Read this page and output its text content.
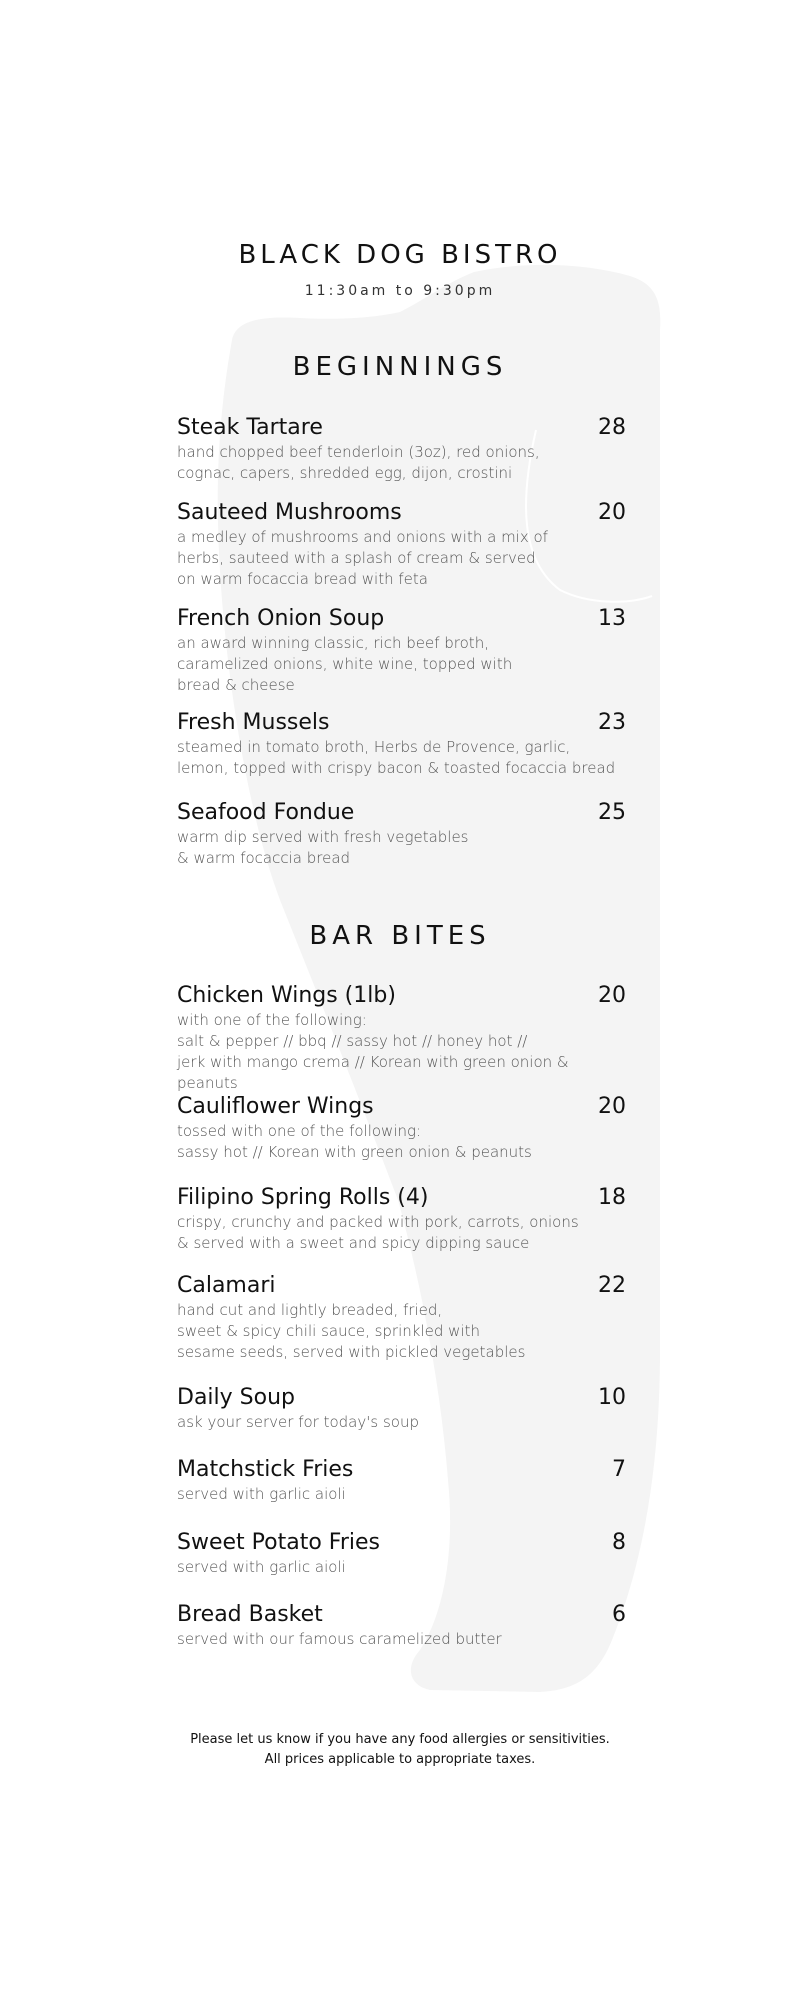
BLACK DOG BISTRO
11:30am to 9:30pm
BEGINNINGS
Steak Tartare	28
hand chopped beef tenderloin (3oz), red onions,
cognac, capers, shredded egg, dijon, crostini
Sauteed Mushrooms	20
a medley of mushrooms and onions with a mix of
herbs, sauteed with a splash of cream & served
on warm focaccia bread with feta
French Onion Soup	13
an award winning classic, rich beef broth,
caramelized onions, white wine, topped with
bread & cheese
Fresh Mussels	23
steamed in tomato broth, Herbs de Provence, garlic,
lemon, topped with crispy bacon & toasted focaccia bread
Seafood Fondue	25
warm dip served with fresh vegetables
& warm focaccia bread
BAR BITES
Chicken Wings (1lb)	20
with one of the following:
salt & pepper // bbq // sassy hot // honey hot //
jerk with mango crema // Korean with green onion & peanuts
Cauliflower Wings	20
tossed with one of the following:
sassy hot // Korean with green onion & peanuts
Filipino Spring Rolls (4)	18
crispy, crunchy and packed with pork, carrots, onions
& served with a sweet and spicy dipping sauce
Calamari	22
hand cut and lightly breaded, fried,
sweet & spicy chili sauce, sprinkled with
sesame seeds, served with pickled vegetables
Daily Soup	10
ask your server for today's soup
Matchstick Fries	7
served with garlic aioli
Sweet Potato Fries	8
served with garlic aioli
Bread Basket	6
served with our famous caramelized butter
Please let us know if you have any food allergies or sensitivities.
All prices applicable to appropriate taxes.
